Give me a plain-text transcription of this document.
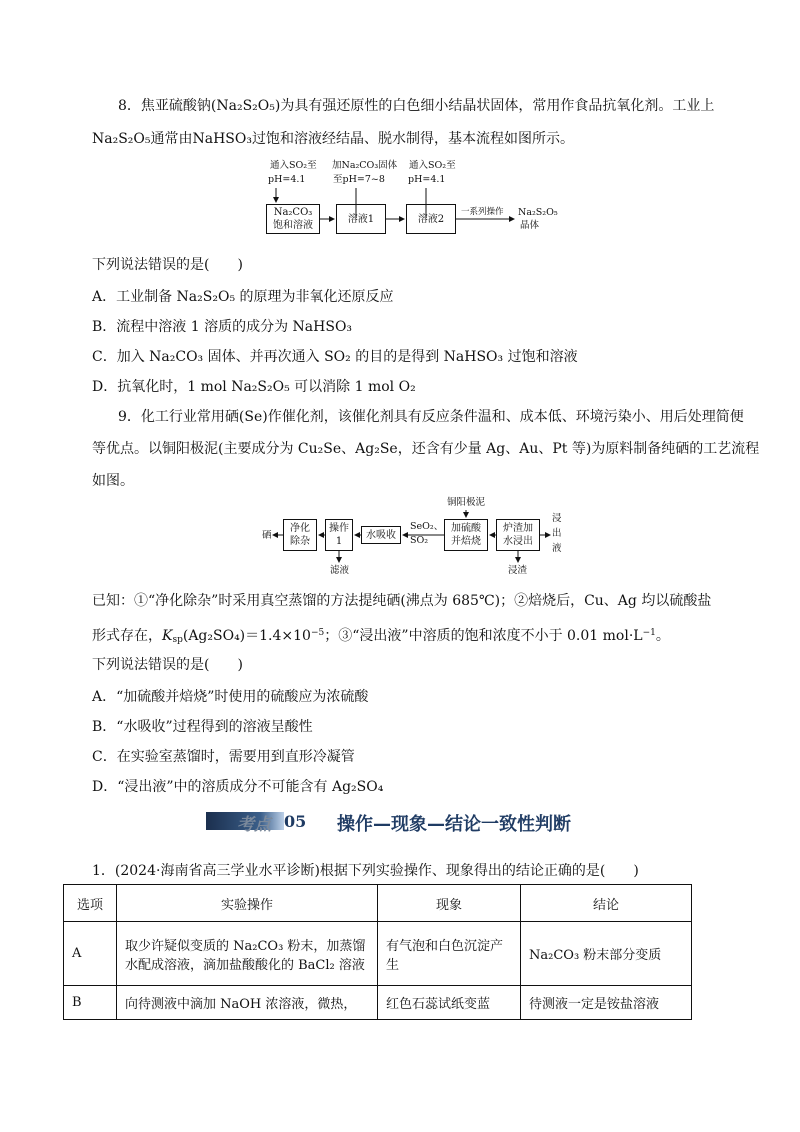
8．焦亚硫酸钠(Na₂S₂O₅)为具有强还原性的白色细小结晶状固体，常用作食品抗氧化剂。工业上

Na₂S₂O₅通常由NaHSO₃过饱和溶液经结晶、脱水制得，基本流程如图所示。

通入SO₂至
pH=4.1
加Na₂CO₃固体
至pH=7~8
通入SO₂至
pH=4.1
Na₂CO₃
饱和溶液
溶液1	溶液2
一系列操作 Na₂S₂O₅
晶体

下列说法错误的是(　　)

A．工业制备 Na₂S₂O₅ 的原理为非氧化还原反应

B．流程中溶液 1 溶质的成分为 NaHSO₃

C．加入 Na₂CO₃ 固体、并再次通入 SO₂ 的目的是得到 NaHSO₃ 过饱和溶液

D．抗氧化时，1 mol Na₂S₂O₅ 可以消除 1 mol O₂

9．化工行业常用硒(Se)作催化剂，该催化剂具有反应条件温和、成本低、环境污染小、用后处理简便

等优点。以铜阳极泥(主要成分为 Cu₂Se、Ag₂Se，还含有少量 Ag、Au、Pt 等)为原料制备纯硒的工艺流程

如图。

铜阳极泥
硒
净化
除杂
操作
1
水吸收
SeO₂、
SO₂
加硫酸
并焙烧
炉渣加
水浸出
浸
出
液
滤液	浸渣

已知：①“净化除杂”时采用真空蒸馏的方法提纯硒(沸点为 685℃)；②焙烧后，Cu、Ag 均以硫酸盐

形式存在，$K_{sp}(Ag_2SO_4)=1.4\times 10^{-5}$；③“浸出液”中溶质的饱和浓度不小于 0.01 $mol\cdot L^{-1}$。

下列说法错误的是(　　)

A．“加硫酸并焙烧”时使用的硫酸应为浓硫酸

B．“水吸收”过程得到的溶液呈酸性

C．在实验室蒸馏时，需要用到直形冷凝管

D．“浸出液”中的溶质成分不可能含有 Ag₂SO₄

考点 05 操作—现象—结论一致性判断

1．(2024·海南省高三学业水平诊断)根据下列实验操作、现象得出的结论正确的是(　　)

选项	实验操作	现象	结论
A	取少许疑似变质的 Na₂CO₃ 粉末，加蒸馏水配成溶液，滴加盐酸酸化的 BaCl₂ 溶液	有气泡和白色沉淀产生	Na₂CO₃ 粉末部分变质
B	向待测液中滴加 NaOH 浓溶液，微热，	红色石蕊试纸变蓝	待测液一定是铵盐溶液
